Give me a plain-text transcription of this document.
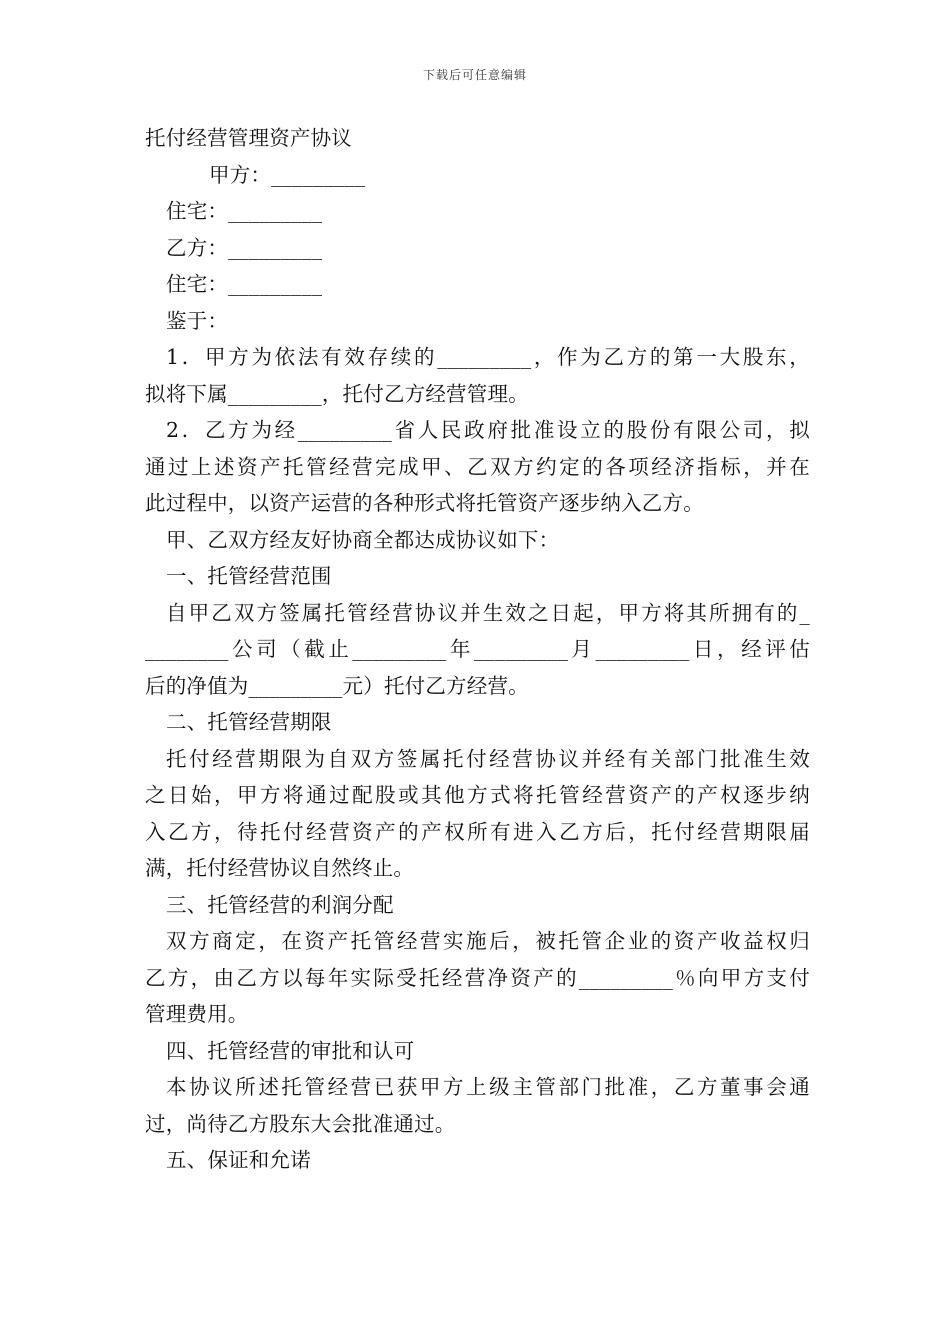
下载后可任意编辑
托付经营管理资产协议
甲方：_________
住宅：_________
乙方：_________
住宅：_________
鉴于：
1．甲方为依法有效存续的_________，作为乙方的第一大股东，
拟将下属_________，托付乙方经营管理。
2．乙方为经_________省人民政府批准设立的股份有限公司，拟
通过上述资产托管经营完成甲、乙双方约定的各项经济指标，并在
此过程中，以资产运营的各种形式将托管资产逐步纳入乙方。
甲、乙双方经友好协商全都达成协议如下：
一、托管经营范围
自甲乙双方签属托管经营协议并生效之日起，甲方将其所拥有的_
________公司（截止_________年_________月_________日，经评估
后的净值为_________元）托付乙方经营。
二、托管经营期限
托付经营期限为自双方签属托付经营协议并经有关部门批准生效
之日始，甲方将通过配股或其他方式将托管经营资产的产权逐步纳
入乙方，待托付经营资产的产权所有进入乙方后，托付经营期限届
满，托付经营协议自然终止。
三、托管经营的利润分配
双方商定，在资产托管经营实施后，被托管企业的资产收益权归
乙方，由乙方以每年实际受托经营净资产的_________％向甲方支付
管理费用。
四、托管经营的审批和认可
本协议所述托管经营已获甲方上级主管部门批准，乙方董事会通
过，尚待乙方股东大会批准通过。
五、保证和允诺
